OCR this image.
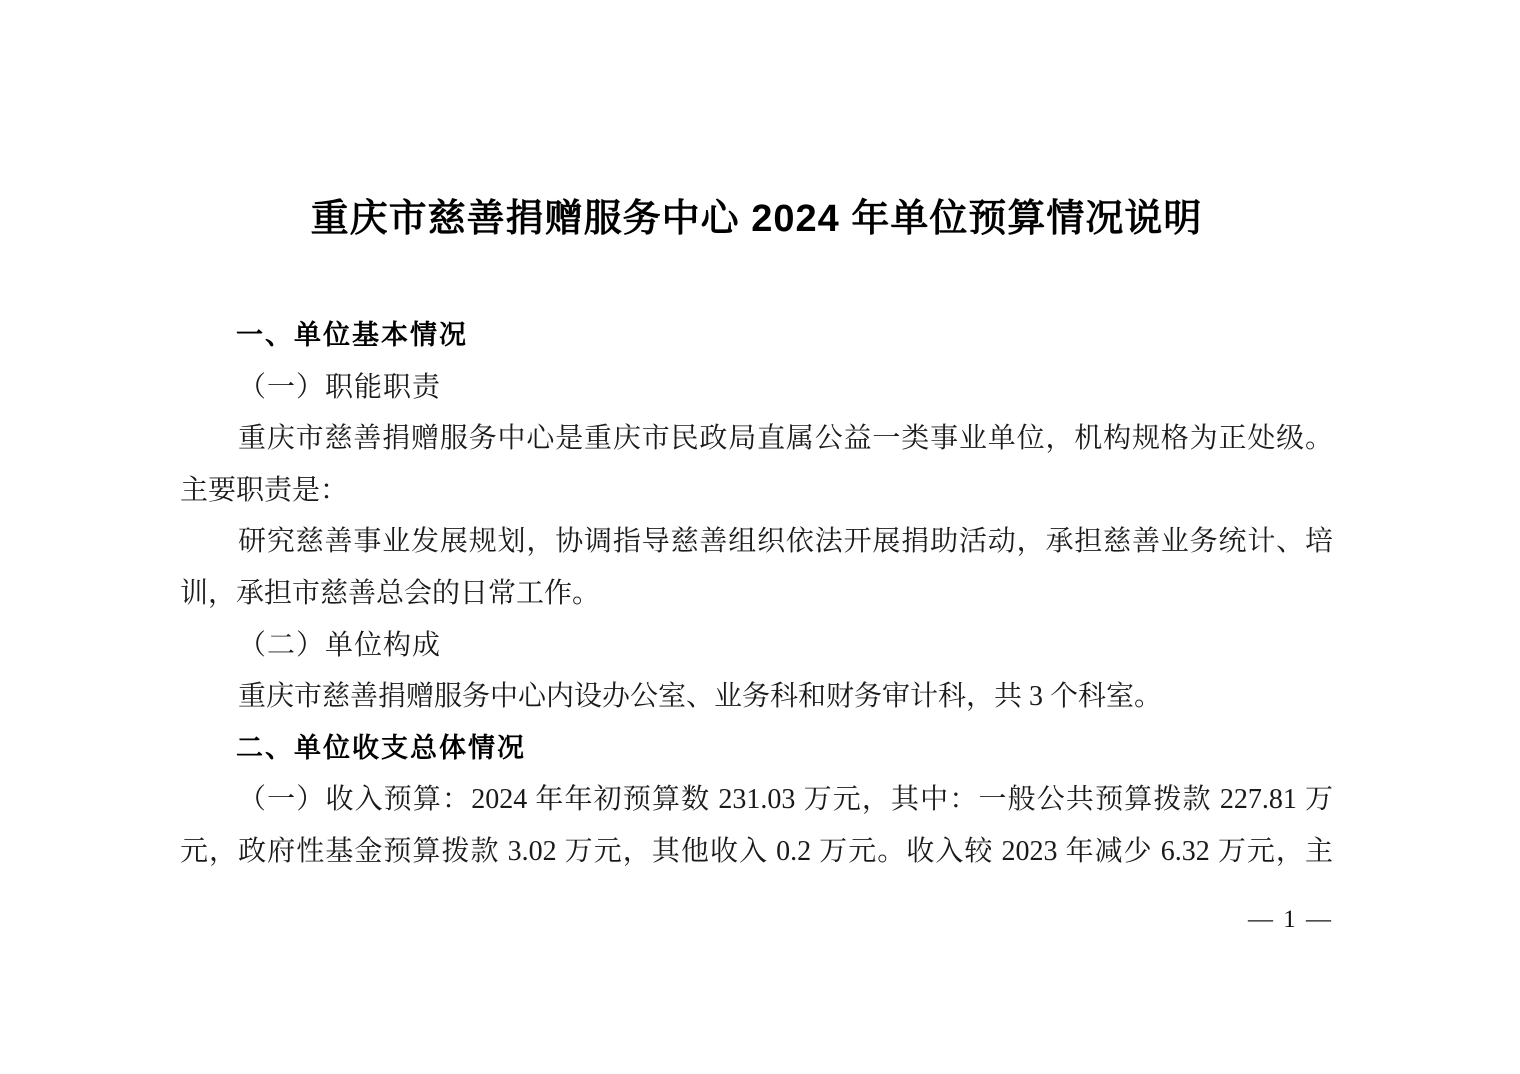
重庆市慈善捐赠服务中心 2024 年单位预算情况说明
一、单位基本情况
（一）职能职责
重庆市慈善捐赠服务中心是重庆市民政局直属公益一类事业单位，机构规格为正处级。
主要职责是：
研究慈善事业发展规划，协调指导慈善组织依法开展捐助活动，承担慈善业务统计、培
训，承担市慈善总会的日常工作。
（二）单位构成
重庆市慈善捐赠服务中心内设办公室、业务科和财务审计科，共 3 个科室。
二、单位收支总体情况
（一）收入预算：2024 年年初预算数 231.03 万元，其中：一般公共预算拨款 227.81 万
元，政府性基金预算拨款 3.02 万元，其他收入 0.2 万元。收入较 2023 年减少 6.32 万元，主
— 1 —
